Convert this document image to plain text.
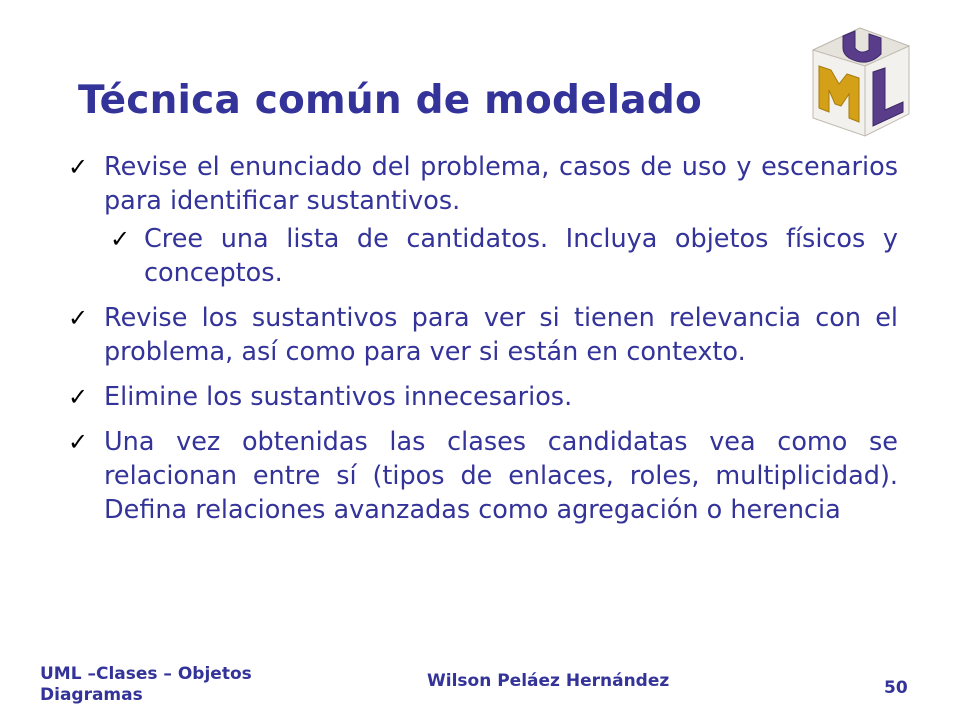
Técnica común de modelado
✓ Revise el enunciado del problema, casos de uso y escenarios para identificar sustantivos.
✓ Cree una lista de cantidatos. Incluya objetos físicos y conceptos.
✓ Revise los sustantivos para ver si tienen relevancia con el problema, así como para ver si están en contexto.
✓ Elimine los sustantivos innecesarios.
✓ Una vez obtenidas las clases candidatas vea como se relacionan entre sí (tipos de enlaces, roles, multiplicidad). Defina relaciones avanzadas como agregación o herencia
UML –Clases – Objetos
Diagramas
Wilson Peláez Hernández	50
